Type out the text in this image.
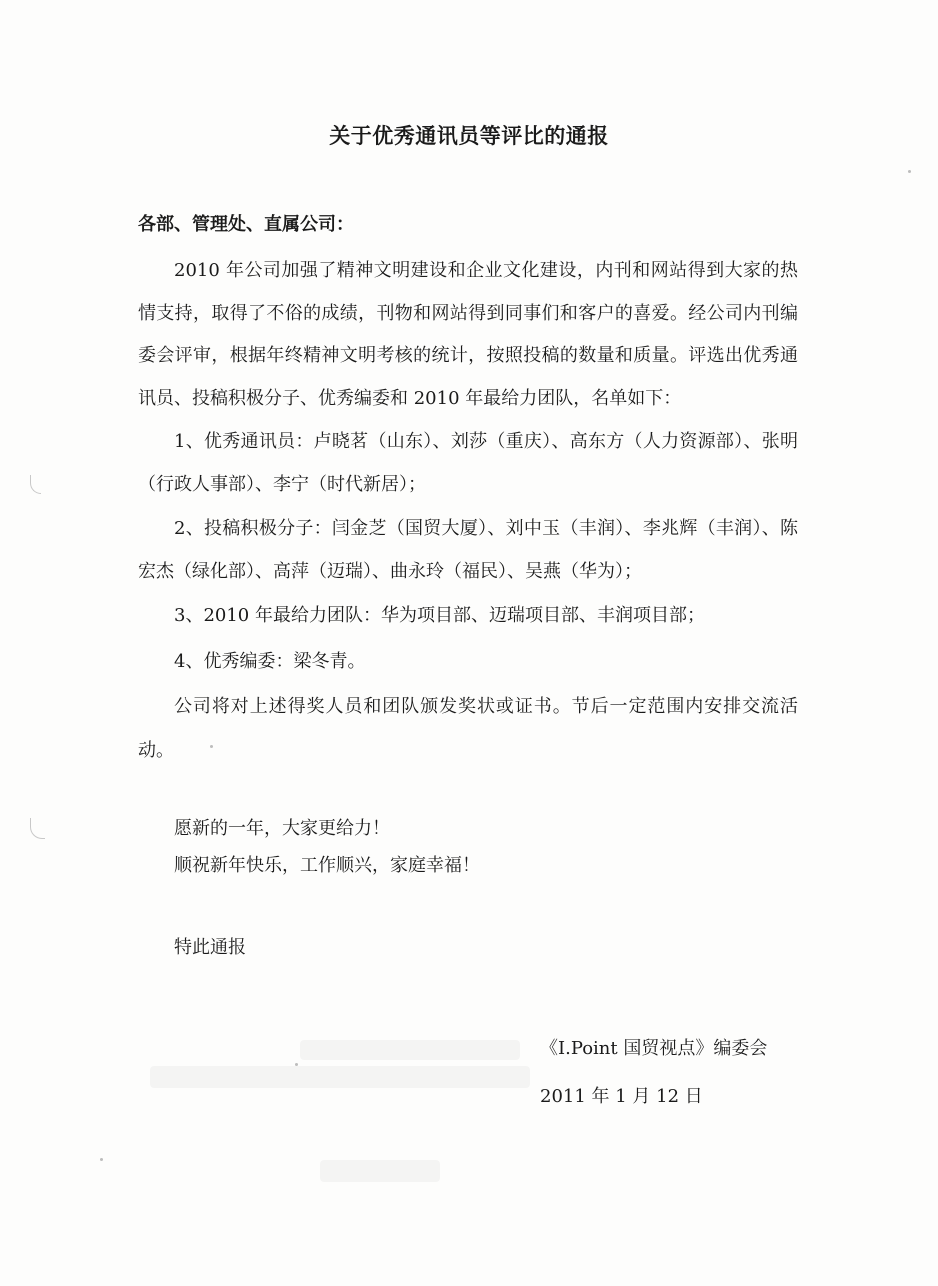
关于优秀通讯员等评比的通报
各部、管理处、直属公司：

2010 年公司加强了精神文明建设和企业文化建设，内刊和网站得到大家的热情支持，取得了不俗的成绩，刊物和网站得到同事们和客户的喜爱。经公司内刊编委会评审，根据年终精神文明考核的统计，按照投稿的数量和质量。评选出优秀通讯员、投稿积极分子、优秀编委和 2010 年最给力团队，名单如下：

1、优秀通讯员：卢晓茗（山东）、刘莎（重庆）、高东方（人力资源部）、张明（行政人事部）、李宁（时代新居）；

2、投稿积极分子：闫金芝（国贸大厦）、刘中玉（丰润）、李兆辉（丰润）、陈宏杰（绿化部）、高萍（迈瑞）、曲永玲（福民）、吴燕（华为）；

3、2010 年最给力团队：华为项目部、迈瑞项目部、丰润项目部；

4、优秀编委：梁冬青。

公司将对上述得奖人员和团队颁发奖状或证书。节后一定范围内安排交流活动。

愿新的一年，大家更给力！

顺祝新年快乐，工作顺兴，家庭幸福！

特此通报

《I.Point 国贸视点》编委会
2011 年 1 月 12 日
